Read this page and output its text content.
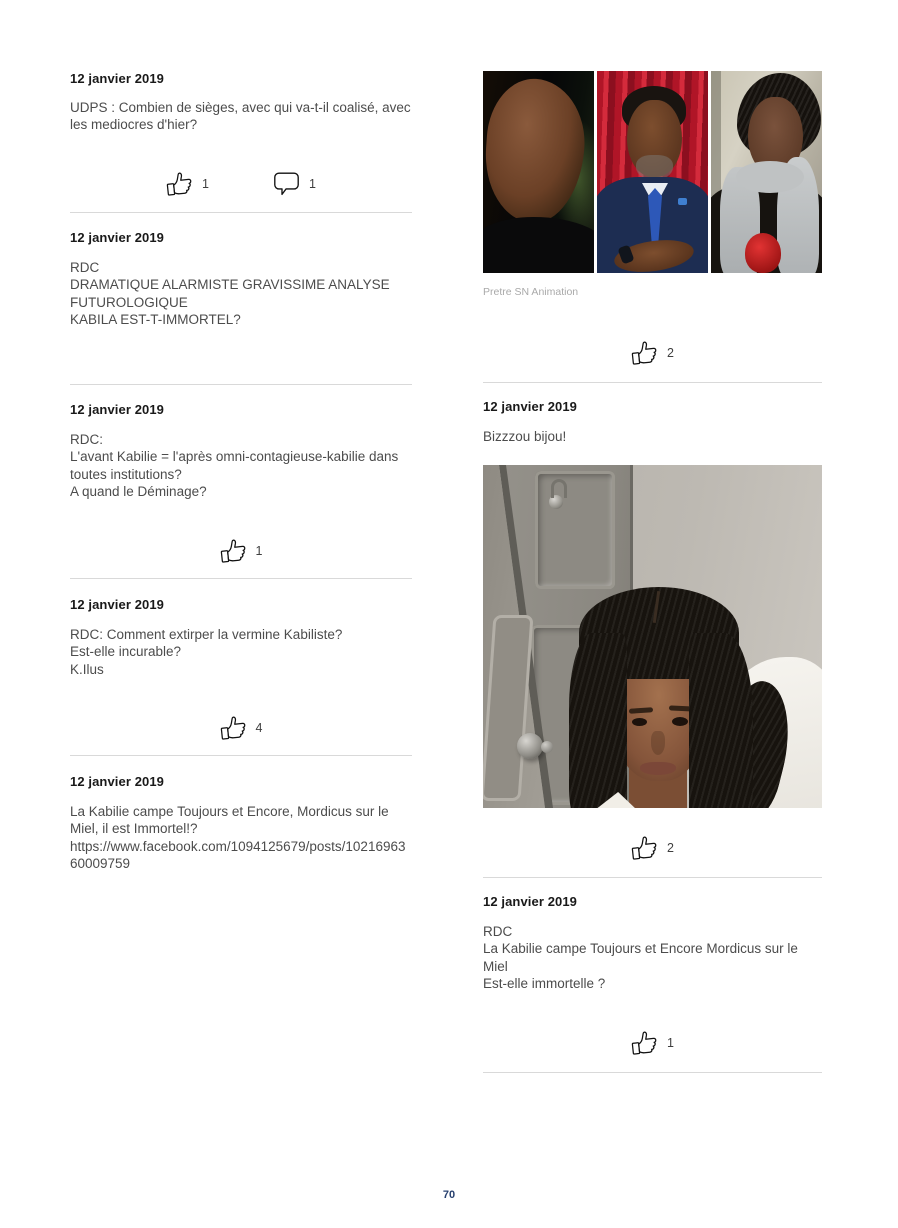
12 janvier 2019
UDPS : Combien de sièges, avec qui va-t-il coalisé, avec les mediocres d'hier?
1	1
12 janvier 2019
RDC
DRAMATIQUE ALARMISTE GRAVISSIME ANALYSE FUTUROLOGIQUE
KABILA EST-T-IMMORTEL?
12 janvier 2019
RDC:
L'avant Kabilie = l'après omni-contagieuse-kabilie dans toutes institutions?
A quand le Déminage?
1
12 janvier 2019
RDC: Comment extirper la vermine Kabiliste?
Est-elle incurable?
K.Ilus
4
12 janvier 2019
La Kabilie campe Toujours et Encore, Mordicus sur le Miel, il est Immortel!?
https://www.facebook.com/1094125679/posts/1021696360009759
Pretre SN Animation
2
12 janvier 2019
Bizzzou bijou!
2
12 janvier 2019
RDC
La Kabilie campe Toujours et Encore Mordicus sur le Miel
Est-elle immortelle ?
1
70
